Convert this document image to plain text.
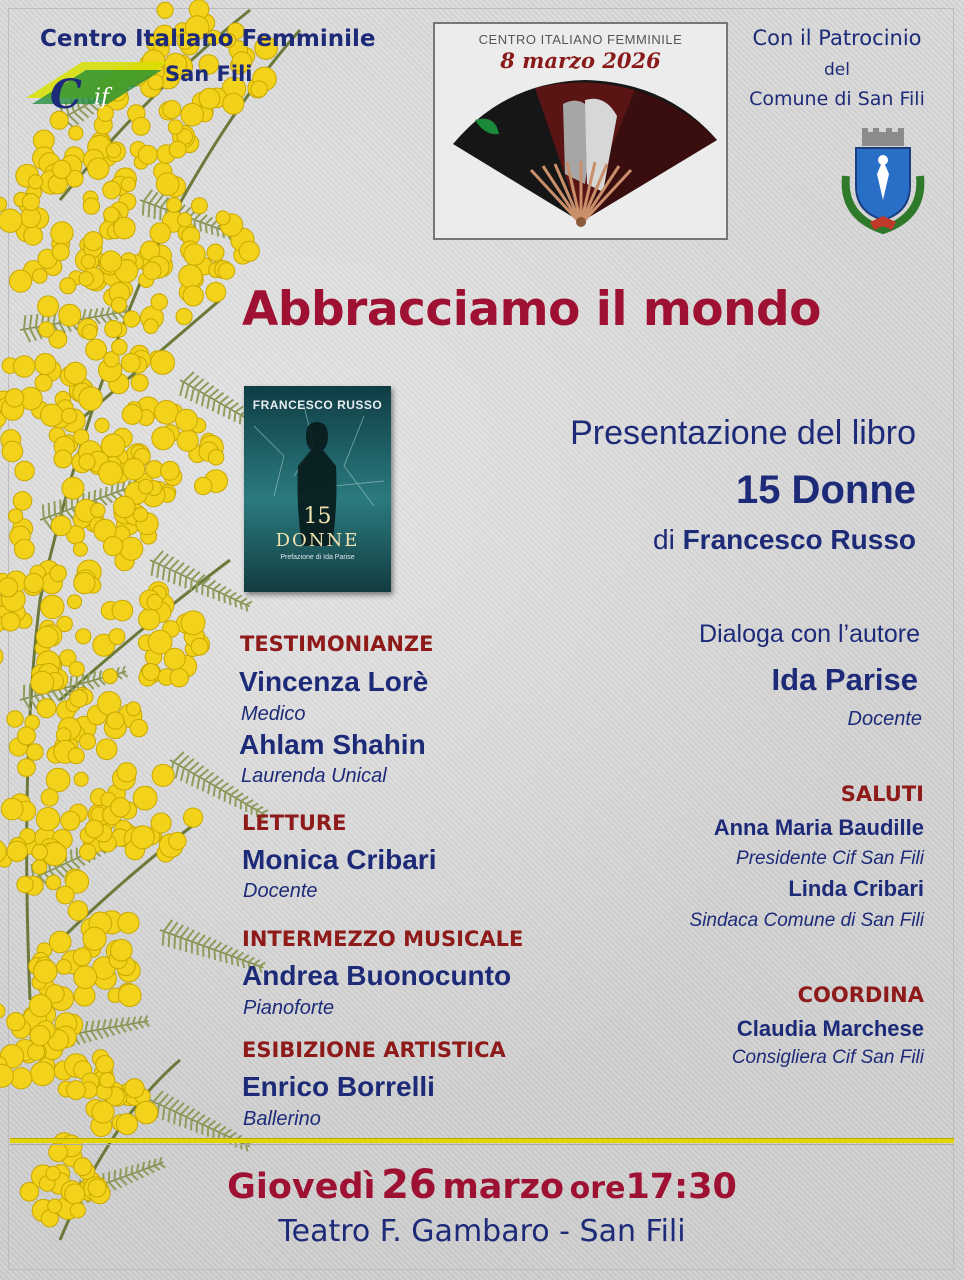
Centro Italiano Femminile
C if
San Fili
CENTRO ITALIANO FEMMINILE
8 marzo 2026
Con il Patrocinio
del
Comune di San Fili
Abbracciamo il mondo
FRANCESCO RUSSO
15
DONNE
Prefazione di Ida Parise
Presentazione del libro
15 Donne
di Francesco Russo
Dialoga con l’autore
Ida Parise
Docente
TESTIMONIANZE
Vincenza Lorè
Medico
Ahlam Shahin
Laurenda Unical
LETTURE
Monica Cribari
Docente
INTERMEZZO MUSICALE
Andrea Buonocunto
Pianoforte
ESIBIZIONE ARTISTICA
Enrico Borrelli
Ballerino
SALUTI
Anna Maria Baudille
Presidente Cif San Fili
Linda Cribari
Sindaca Comune di San Fili
COORDINA
Claudia Marchese
Consigliera Cif San Fili
Giovedì 26 marzo ore17:30
Teatro F. Gambaro - San Fili
